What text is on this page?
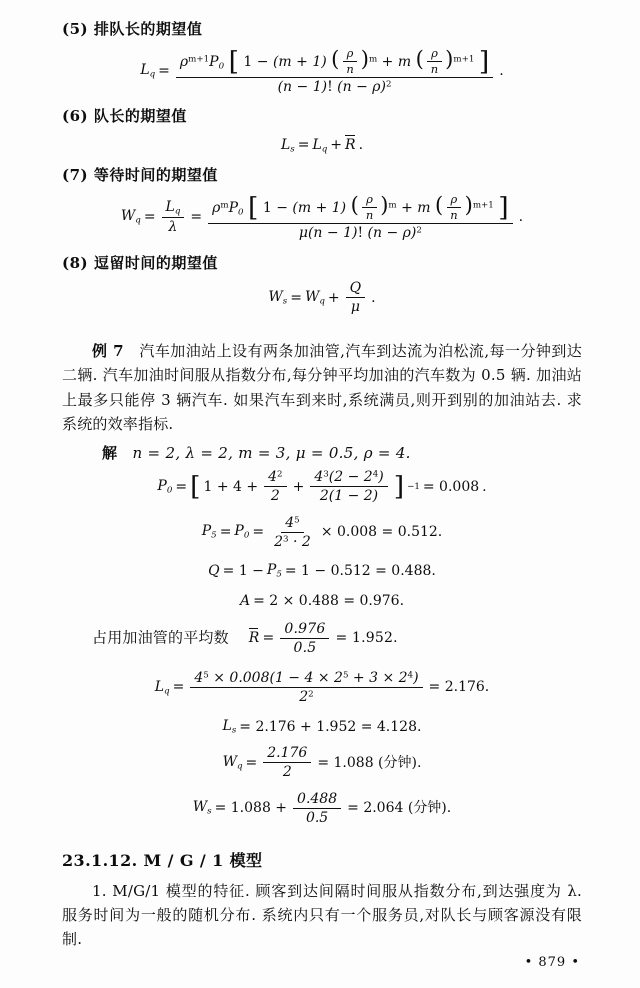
(5) 排队长的期望值
$L_q$ =
$\rho^{m+1}P_0$ [ 1 − (m + 1) ( $\frac{\rho}{n} )^m + m$ ( $\frac{\rho}{n} )^{m+1}$ ]
(n − 1)! $(n - \rho)^2$
.
(6) 队长的期望值
$L_s = L_q + R$ .
(7) 等待时间的期望值
$W_q = \frac{L_q}{\lambda}$ =
$\rho^mP_0$ [ 1 − (m + 1) ( $\frac{\rho}{n} )^m + m$ ( $\frac{\rho}{n} )^{m+1}$ ]
μ(n − 1)! $(n - \rho)^2$
.
(8) 逗留时间的期望值
$W_s = W_q + \frac{Q}{\mu}$ .
例 7 汽车加油站上设有两条加油管,汽车到达流为泊松流,每一分钟到达二辆. 汽车加油时间服从指数分布,每分钟平均加油的汽车数为 0.5 辆. 加油站上最多只能停 3 辆汽车. 如果汽车到来时,系统满员,则开到别的加油站去. 求系统的效率指标.
解 n = 2, λ = 2, m = 3, μ = 0.5, ρ = 4.
$P_0$ = [ $1 + 4 + \frac{4^2}{2} + \frac{4^3(2 - 2^4)}{2(1 - 2)}$ ] −1 = 0.008 .
$P_5 = P_0 = \frac{4^5}{2^3 \cdot 2} \times 0.008 = 0.512$.
$Q = 1 - P_5 = 1 - 0.512 = 0.488$.
A = 2 × 0.488 = 0.976.
占用加油管的平均数 $R = \frac{0.976}{0.5} = 1.952$.
$L_q = \frac{4^5 \times 0.008(1 - 4 \times 2^5 + 3 \times 2^4)}{2^2} = 2.176$.
$L_s = 2.176 + 1.952 = 4.128$.
$W_q = \frac{2.176}{2} = 1.088$ (分钟).
$W_s = 1.088 + \frac{0.488}{0.5} = 2.064$ (分钟).
23.1.12. M / G / 1 模型
1. M/G/1 模型的特征. 顾客到达间隔时间服从指数分布,到达强度为 λ. 服务时间为一般的随机分布. 系统内只有一个服务员,对队长与顾客源没有限制.
• 879 •
